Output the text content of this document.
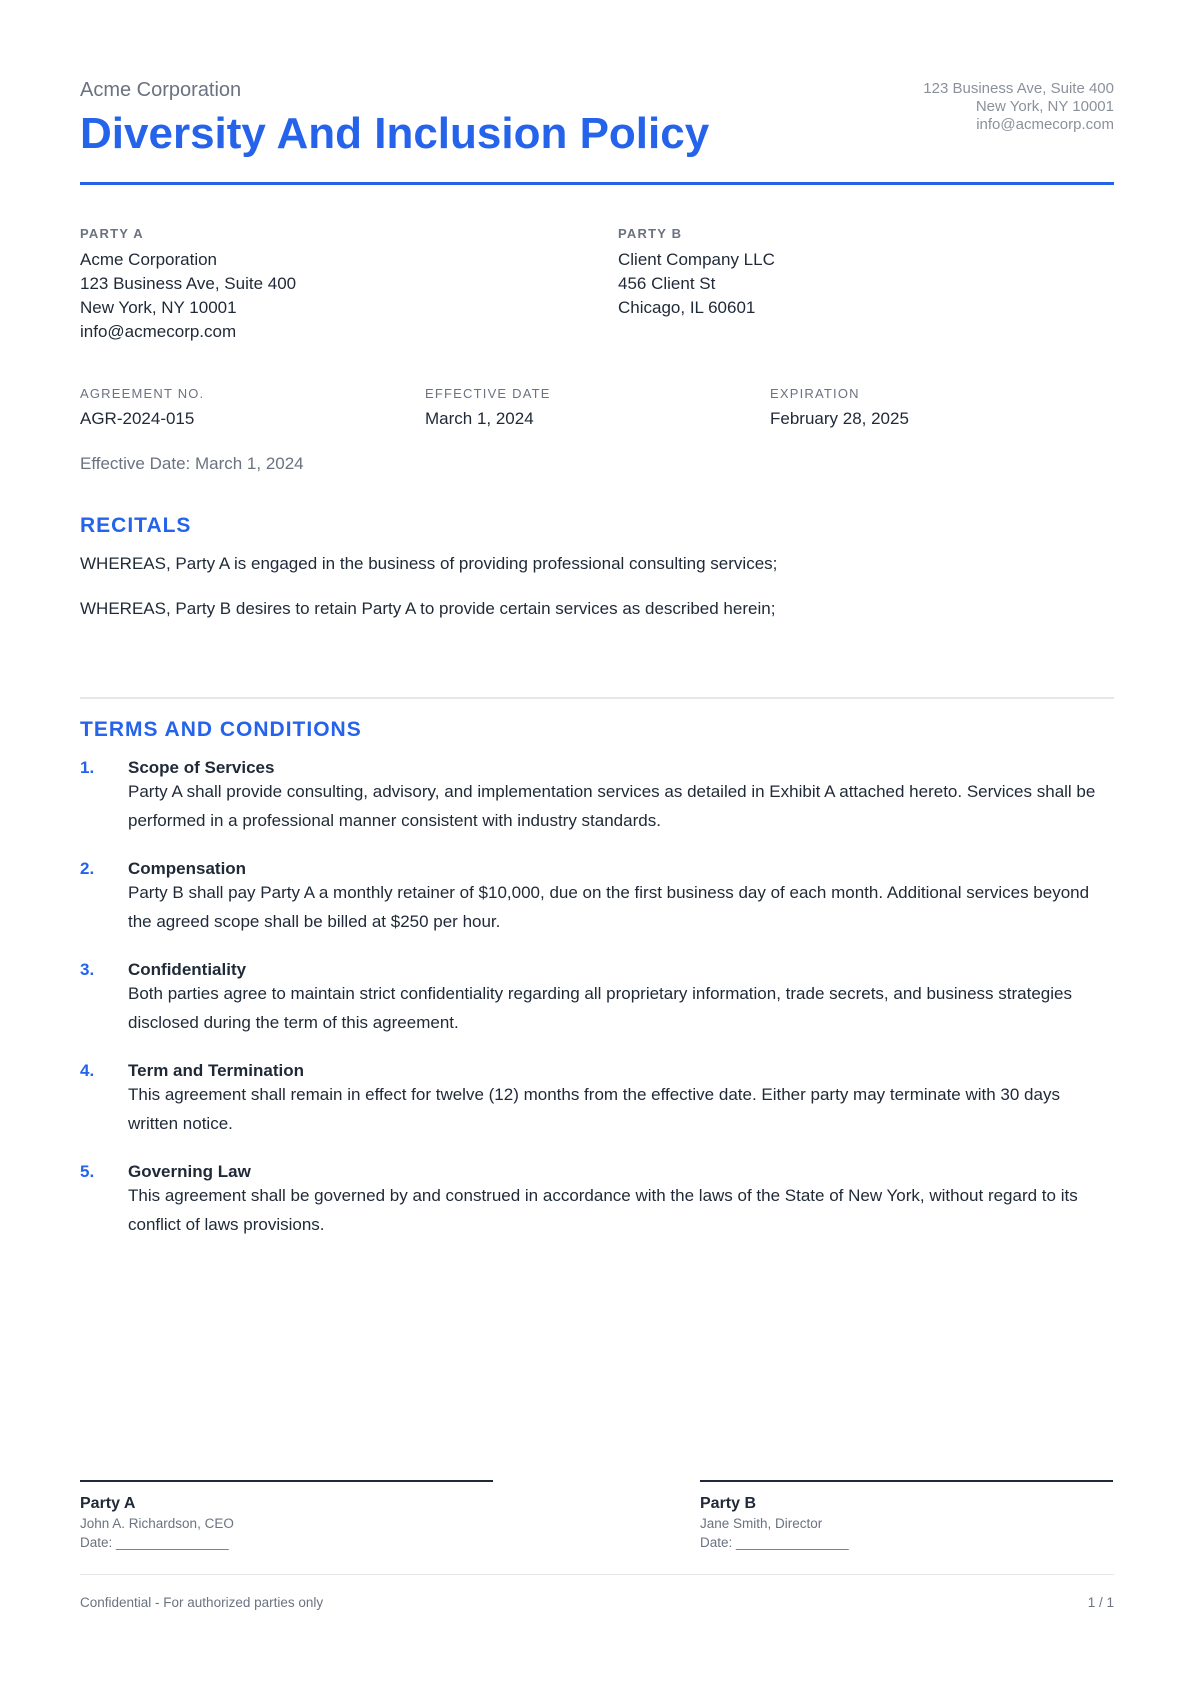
Acme Corporation
Diversity And Inclusion Policy
123 Business Ave, Suite 400
New York, NY 10001
info@acmecorp.com
PARTY A
Acme Corporation
123 Business Ave, Suite 400
New York, NY 10001
info@acmecorp.com
PARTY B
Client Company LLC
456 Client St
Chicago, IL 60601
AGREEMENT NO.
AGR-2024-015
EFFECTIVE DATE
March 1, 2024
EXPIRATION
February 28, 2025
Effective Date: March 1, 2024
RECITALS

WHEREAS, Party A is engaged in the business of providing professional consulting services;

WHEREAS, Party B desires to retain Party A to provide certain services as described herein;

TERMS AND CONDITIONS
1. Scope of Services
Party A shall provide consulting, advisory, and implementation services as detailed in Exhibit A attached hereto. Services shall be performed in a professional manner consistent with industry standards.
2. Compensation
Party B shall pay Party A a monthly retainer of $10,000, due on the first business day of each month. Additional services beyond the agreed scope shall be billed at $250 per hour.
3. Confidentiality
Both parties agree to maintain strict confidentiality regarding all proprietary information, trade secrets, and business strategies disclosed during the term of this agreement.
4. Term and Termination
This agreement shall remain in effect for twelve (12) months from the effective date. Either party may terminate with 30 days written notice.
5. Governing Law
This agreement shall be governed by and construed in accordance with the laws of the State of New York, without regard to its conflict of laws provisions.
Party A
John A. Richardson, CEO
Date: _______________
Party B
Jane Smith, Director
Date: _______________
Confidential - For authorized parties only	1 / 1
